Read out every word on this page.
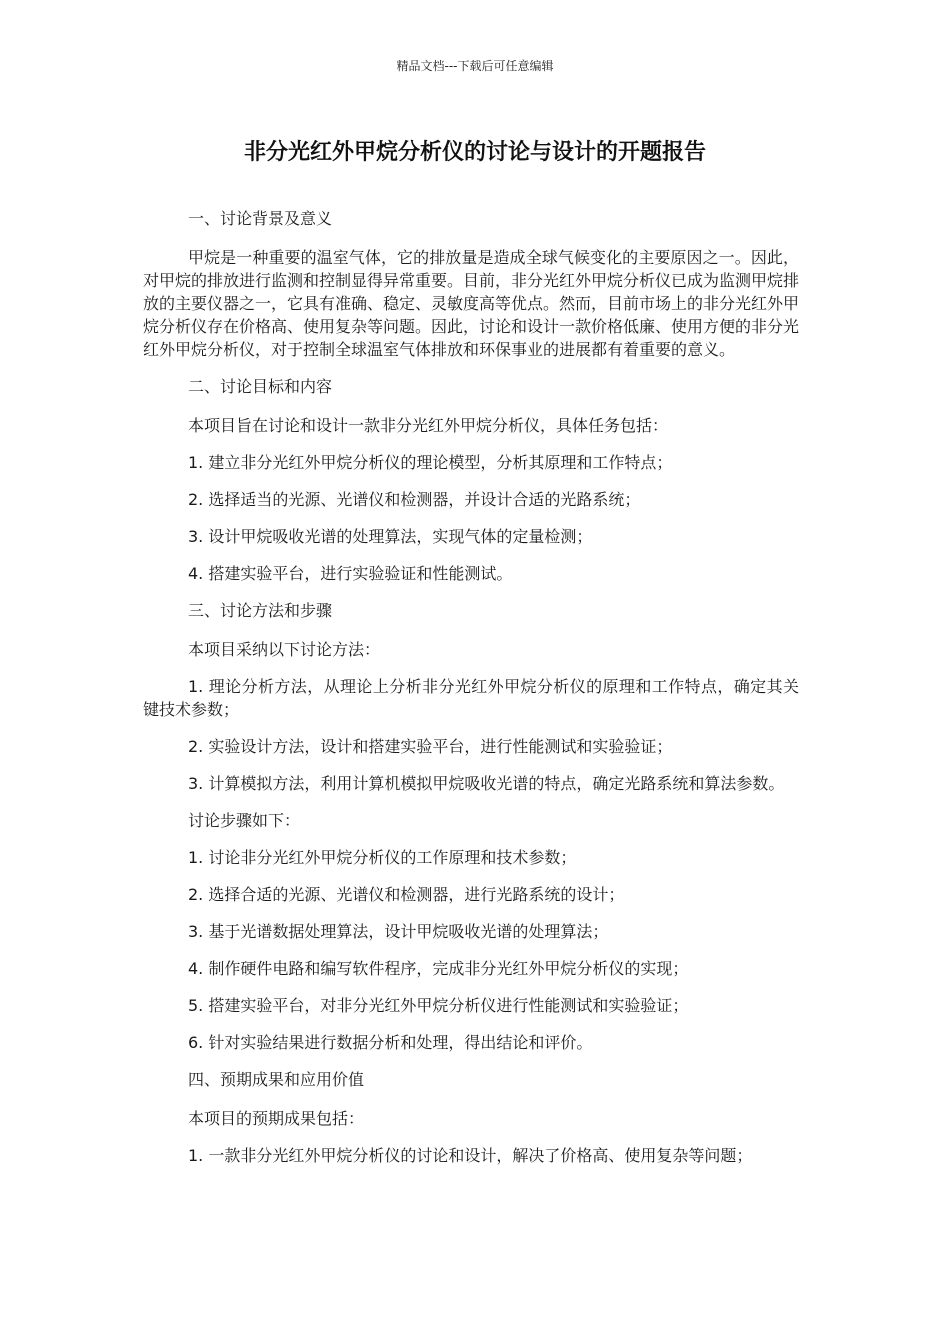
精品文档---下载后可任意编辑
非分光红外甲烷分析仪的讨论与设计的开题报告

一、讨论背景及意义

甲烷是一种重要的温室气体，它的排放量是造成全球气候变化的主要原因之一。因此，对甲烷的排放进行监测和控制显得异常重要。目前，非分光红外甲烷分析仪已成为监测甲烷排放的主要仪器之一，它具有准确、稳定、灵敏度高等优点。然而，目前市场上的非分光红外甲烷分析仪存在价格高、使用复杂等问题。因此，讨论和设计一款价格低廉、使用方便的非分光红外甲烷分析仪，对于控制全球温室气体排放和环保事业的进展都有着重要的意义。

二、讨论目标和内容

本项目旨在讨论和设计一款非分光红外甲烷分析仪，具体任务包括：

1. 建立非分光红外甲烷分析仪的理论模型，分析其原理和工作特点；

2. 选择适当的光源、光谱仪和检测器，并设计合适的光路系统；

3. 设计甲烷吸收光谱的处理算法，实现气体的定量检测；

4. 搭建实验平台，进行实验验证和性能测试。

三、讨论方法和步骤

本项目采纳以下讨论方法：

1. 理论分析方法，从理论上分析非分光红外甲烷分析仪的原理和工作特点，确定其关键技术参数；

2. 实验设计方法，设计和搭建实验平台，进行性能测试和实验验证；

3. 计算模拟方法，利用计算机模拟甲烷吸收光谱的特点，确定光路系统和算法参数。

讨论步骤如下：

1. 讨论非分光红外甲烷分析仪的工作原理和技术参数；

2. 选择合适的光源、光谱仪和检测器，进行光路系统的设计；

3. 基于光谱数据处理算法，设计甲烷吸收光谱的处理算法；

4. 制作硬件电路和编写软件程序，完成非分光红外甲烷分析仪的实现；

5. 搭建实验平台，对非分光红外甲烷分析仪进行性能测试和实验验证；

6. 针对实验结果进行数据分析和处理，得出结论和评价。

四、预期成果和应用价值

本项目的预期成果包括：

1. 一款非分光红外甲烷分析仪的讨论和设计，解决了价格高、使用复杂等问题；
